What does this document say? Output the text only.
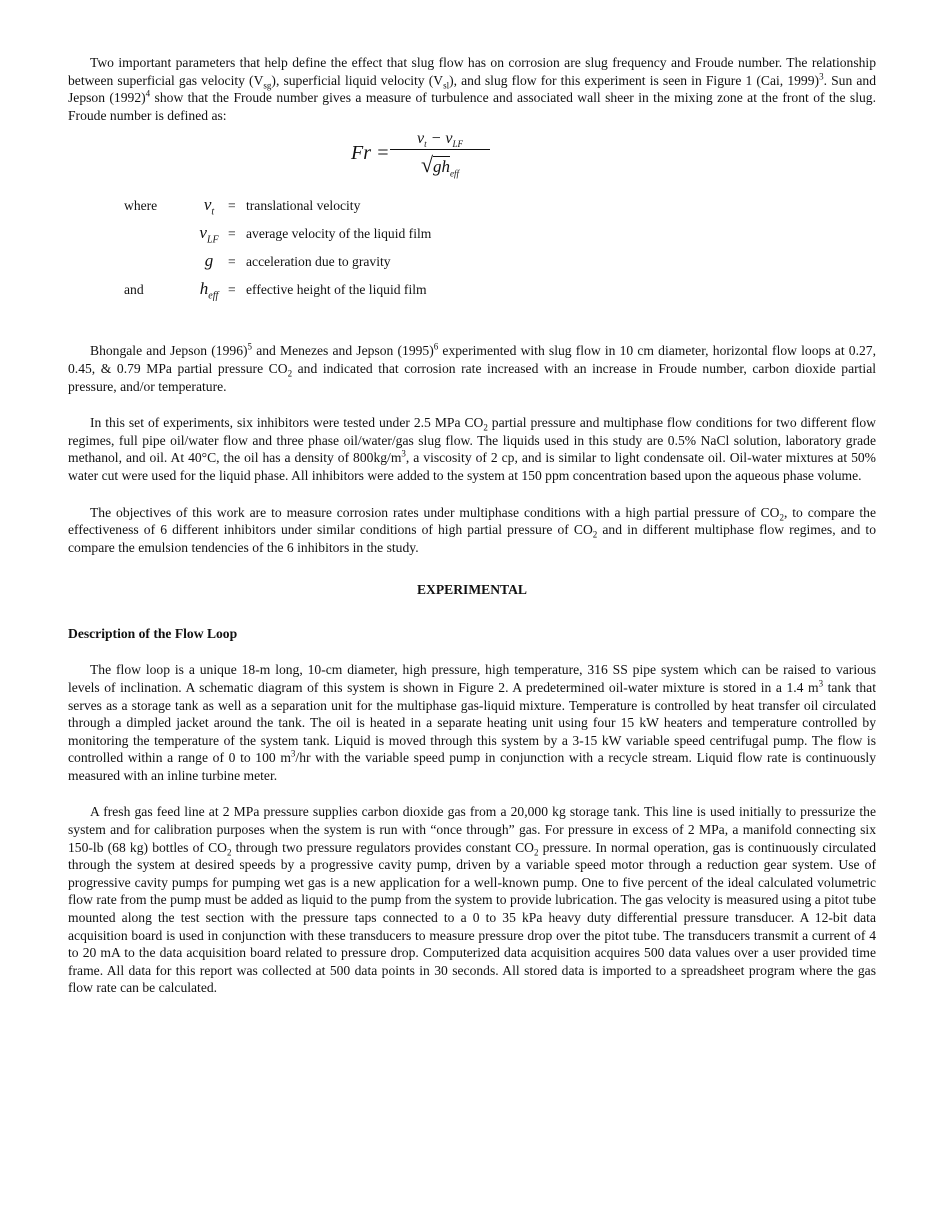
Two important parameters that help define the effect that slug flow has on corrosion are slug frequency and Froude number. The relationship between superficial gas velocity $(V_{sg})$, superficial liquid velocity $(V_{sl})$, and slug flow for this experiment is seen in Figure 1 (Cai, 1999)$^3$. Sun and Jepson $(1992)^4$ show that the Froude number gives a measure of turbulence and associated wall sheer in the mixing zone at the front of the slug. Froude number is defined as:

Fr =
$v_t - v_{LF}$
$√gh_{eff}$
where	$v_t$	= translational velocity
$v_{LF}$ = average velocity of the liquid film
g	= acceleration due to gravity
and	$h_{eff}$ = effective height of the liquid film

Bhongale and Jepson $(1996)^5$ and Menezes and Jepson $(1995)^6$ experimented with slug flow in 10 cm diameter, horizontal flow loops at 0.27, 0.45, & 0.79 MPa partial pressure $CO_2$ and indicated that corrosion rate increased with an increase in Froude number, carbon dioxide partial pressure, and/or temperature.

In this set of experiments, six inhibitors were tested under 2.5 MPa $CO_2$ partial pressure and multiphase flow conditions for two different flow regimes, full pipe oil/water flow and three phase oil/water/gas slug flow. The liquids used in this study are 0.5% NaCl solution, laboratory grade methanol, and oil. At 40°C, the oil has a density of $800kg/m^3$, a viscosity of 2 cp, and is similar to light condensate oil. Oil-water mixtures at 50% water cut were used for the liquid phase. All inhibitors were added to the system at 150 ppm concentration based upon the aqueous phase volume.

The objectives of this work are to measure corrosion rates under multiphase conditions with a high partial pressure of $CO_2$, to compare the effectiveness of 6 different inhibitors under similar conditions of high partial pressure of $CO_2$ and in different multiphase flow regimes, and to compare the emulsion tendencies of the 6 inhibitors in the study.

EXPERIMENTAL
Description of the Flow Loop

The flow loop is a unique 18-m long, 10-cm diameter, high pressure, high temperature, 316 SS pipe system which can be raised to various levels of inclination. A schematic diagram of this system is shown in Figure 2. A predetermined oil-water mixture is stored in a 1.4 $m^3$ tank that serves as a storage tank as well as a separation unit for the multiphase gas-liquid mixture. Temperature is controlled by heat transfer oil circulated through a dimpled jacket around the tank. The oil is heated in a separate heating unit using four 15 kW heaters and temperature controlled by monitoring the temperature of the system tank. Liquid is moved through this system by a 3-15 kW variable speed centrifugal pump. The flow is controlled within a range of 0 to 100 $m^3/hr$ with the variable speed pump in conjunction with a recycle stream. Liquid flow rate is continuously measured with an inline turbine meter.

A fresh gas feed line at 2 MPa pressure supplies carbon dioxide gas from a 20,000 kg storage tank. This line is used initially to pressurize the system and for calibration purposes when the system is run with “once through” gas. For pressure in excess of 2 MPa, a manifold connecting six 150-lb (68 kg) bottles of $CO_2$ through two pressure regulators provides constant $CO_2$ pressure. In normal operation, gas is continuously circulated through the system at desired speeds by a progressive cavity pump, driven by a variable speed motor through a reduction gear system. Use of progressive cavity pumps for pumping wet gas is a new application for a well-known pump. One to five percent of the ideal calculated volumetric flow rate from the pump must be added as liquid to the pump from the system to provide lubrication. The gas velocity is measured using a pitot tube mounted along the test section with the pressure taps connected to a 0 to 35 kPa heavy duty differential pressure transducer. A 12-bit data acquisition board is used in conjunction with these transducers to measure pressure drop over the pitot tube. The transducers transmit a current of 4 to 20 mA to the data acquisition board related to pressure drop. Computerized data acquisition acquires 500 data values over a user provided time frame. All data for this report was collected at 500 data points in 30 seconds. All stored data is imported to a spreadsheet program where the gas flow rate can be calculated.
